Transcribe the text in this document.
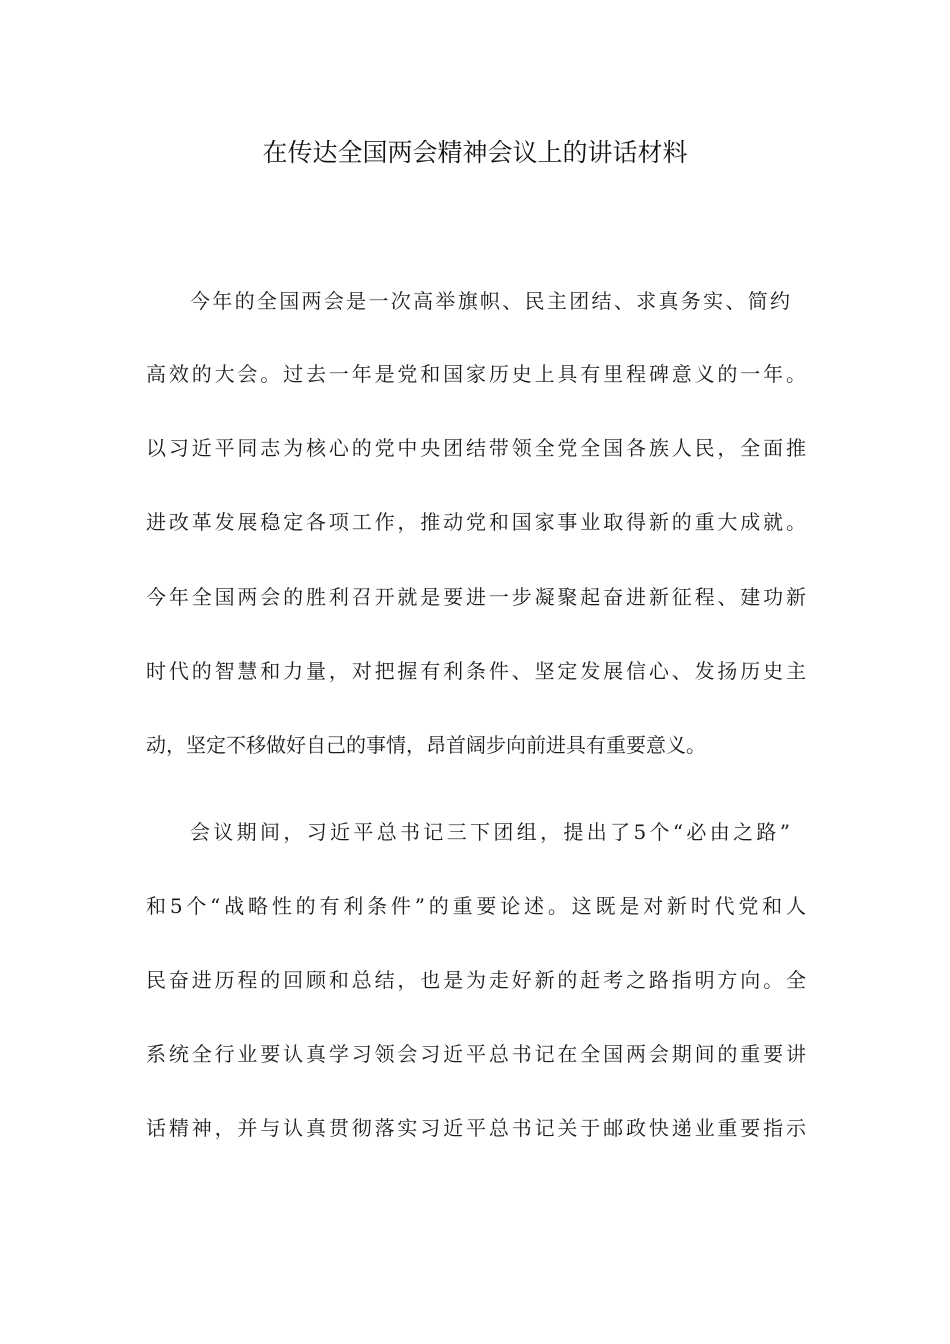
在传达全国两会精神会议上的讲话材料
今年的全国两会是一次高举旗帜、民主团结、求真务实、简约
高效的大会。过去一年是党和国家历史上具有里程碑意义的一年。
以习近平同志为核心的党中央团结带领全党全国各族人民，全面推
进改革发展稳定各项工作，推动党和国家事业取得新的重大成就。
今年全国两会的胜利召开就是要进一步凝聚起奋进新征程、建功新
时代的智慧和力量，对把握有利条件、坚定发展信心、发扬历史主
动，坚定不移做好自己的事情，昂首阔步向前进具有重要意义。
会议期间，习近平总书记三下团组，提出了5个“必由之路”
和5个“战略性的有利条件”的重要论述。这既是对新时代党和人
民奋进历程的回顾和总结，也是为走好新的赶考之路指明方向。全
系统全行业要认真学习领会习近平总书记在全国两会期间的重要讲
话精神，并与认真贯彻落实习近平总书记关于邮政快递业重要指示
